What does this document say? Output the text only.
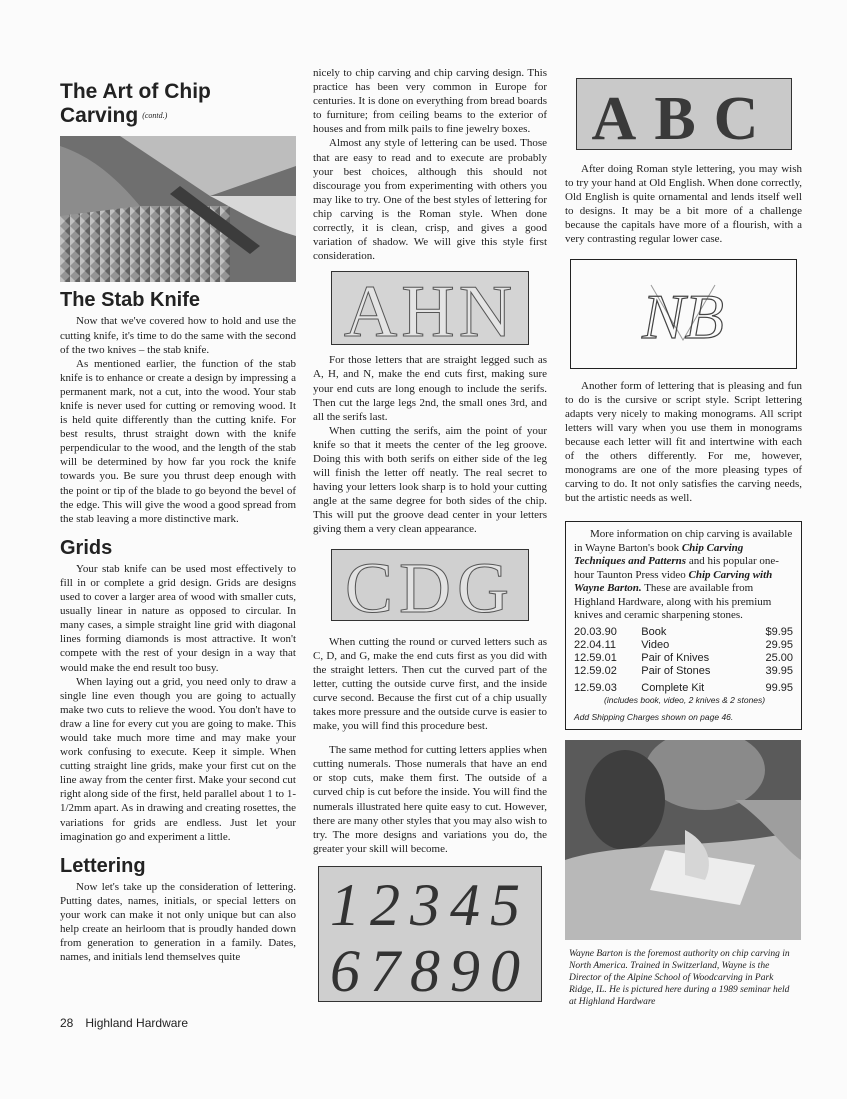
The Art of Chip Carving (contd.)
The Stab Knife

Now that we've covered how to hold and use the cutting knife, it's time to do the same with the second of the two knives – the stab knife.

As mentioned earlier, the function of the stab knife is to enhance or create a design by impressing a permanent mark, not a cut, into the wood. Your stab knife is never used for cutting or removing wood. It is held quite differently than the cutting knife. For best results, thrust straight down with the knife perpendicular to the wood, and the length of the stab will be determined by how far you rock the knife towards you. Be sure you thrust deep enough with the point or tip of the blade to go beyond the bevel of the edge. This will give the wood a good spread from the stab leaving a more distinctive mark.

Grids

Your stab knife can be used most effectively to fill in or complete a grid design. Grids are designs used to cover a larger area of wood with smaller cuts, usually linear in nature as opposed to circular. In many cases, a simple straight line grid with diagonal lines forming diamonds is most attractive. It won't compete with the rest of your design in a way that would make the end result too busy.

When laying out a grid, you need only to draw a single line even though you are going to actually make two cuts to relieve the wood. You don't have to draw a line for every cut you are going to make. This would take much more time and may make your work confusing to execute. Keep it simple. When cutting straight line grids, make your first cut on the line away from the center first. Make your second cut right along side of the first, held parallel about 1 to 1-1/2mm apart. As in drawing and creating rosettes, the variations for grids are endless. Just let your imagination go and experiment a little.

Lettering

Now let's take up the consideration of lettering. Putting dates, names, initials, or special letters on your work can make it not only unique but can also help create an heirloom that is proudly handed down from generation to generation in a family. Dates, names, and initials lend themselves quite

nicely to chip carving and chip carving design. This practice has been very common in Europe for centuries. It is done on everything from bread boards to furniture; from ceiling beams to the exterior of houses and from milk pails to fine jewelry boxes.

Almost any style of lettering can be used. Those that are easy to read and to execute are probably your best choices, although this should not discourage you from experimenting with others you may like to try. One of the best styles of lettering for chip carving is the Roman style. When done correctly, it is clean, crisp, and gives a good variation of shadow. We will give this style first consideration.

AHN

For those letters that are straight legged such as A, H, and N, make the end cuts first, making sure your end cuts are long enough to include the serifs. Then cut the large legs 2nd, the small ones 3rd, and all the serifs last.

When cutting the serifs, aim the point of your knife so that it meets the center of the leg groove. Doing this with both serifs on either side of the leg will finish the letter off neatly. The real secret to having your letters look sharp is to hold your cutting angle at the same degree for both sides of the chip. This will put the groove dead center in your letters giving them a very clean appearance.

CDG

When cutting the round or curved letters such as C, D, and G, make the end cuts first as you did with the straight letters. Then cut the curved part of the letter, cutting the outside curve first, and the inside curve second. Because the first cut of a chip usually takes more pressure and the outside curve is easier to make, you will find this procedure best.

The same method for cutting letters applies when cutting numerals. Those numerals that have an end or stop cuts, make them first. The outside of a curved chip is cut before the inside. You will find the numerals illustrated here quite easy to cut. However, there are many other styles that you may also wish to try. The more designs and variations you do, the greater your skill will become.

12345
67890
ABC

After doing Roman style lettering, you may wish to try your hand at Old English. When done correctly, Old English is quite ornamental and lends itself well to designs. It may be a bit more of a challenge because the capitals have more of a flourish, with a very contrasting regular lower case.

NB

Another form of lettering that is pleasing and fun to do is the cursive or script style. Script lettering adapts very nicely to making monograms. All script letters will vary when you use them in monograms because each letter will fit and intertwine with each of the others differently. For me, however, monograms are one of the more pleasing types of carving to do. It not only satisfies the carving needs, but the artistic needs as well.

More information on chip carving is available in Wayne Barton's book Chip Carving Techniques and Patterns and his popular one-hour Taunton Press video Chip Carving with Wayne Barton. These are available from Highland Hardware, along with his premium knives and ceramic sharpening stones.

20.03.90	Book	$9.95
22.04.11	Video	29.95
12.59.01	Pair of Knives	25.00
12.59.02	Pair of Stones	39.95
12.59.03	Complete Kit	99.95
(includes book, video, 2 knives & 2 stones)
Add Shipping Charges shown on page 46.
Wayne Barton is the foremost authority on chip carving in North America. Trained in Switzerland, Wayne is the Director of the Alpine School of Woodcarving in Park Ridge, IL. He is pictured here during a 1989 seminar held at Highland Hardware
28 Highland Hardware
